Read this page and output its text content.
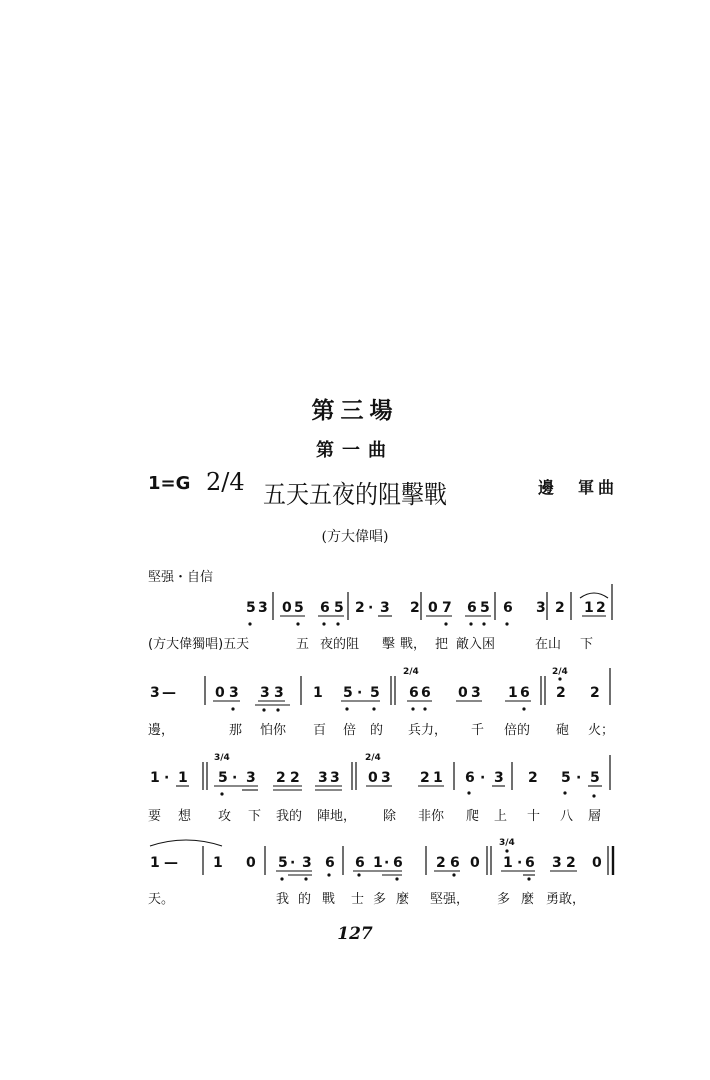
第三場
第一曲
1=G 2/4 五天五夜的阻擊戰	邊　軍曲
(方大偉唱)
堅强・自信
5 3 0 5 6 5 2 · 3 2 0 7 6 5 6 3 2 1 2
(方大偉獨唱)五天	五 夜的阻 擊 戰， 把 敵入困	在山 下
3 —	0 3 3 3 1 5 · 5
2/4
6 6 0 3 1 6
2/4
2 2
邊，	那 怕你 百 倍 的 兵力， 千 倍的 砲 火；
1 · 1
3/4
5 · 3 2 2 3 3
2/4
0 3 2 1 6 · 3 2 5 · 5
要 想 攻 下 我的 陣地， 除 非你 爬 上 十 八 層
1 —	1 0 5 · 3 6 6 1 · 6 2 6 0
3/4
1 · 6 3 2 0
天。	我 的 戰 士 多 麼 堅强， 多 麼 勇敢，
127
